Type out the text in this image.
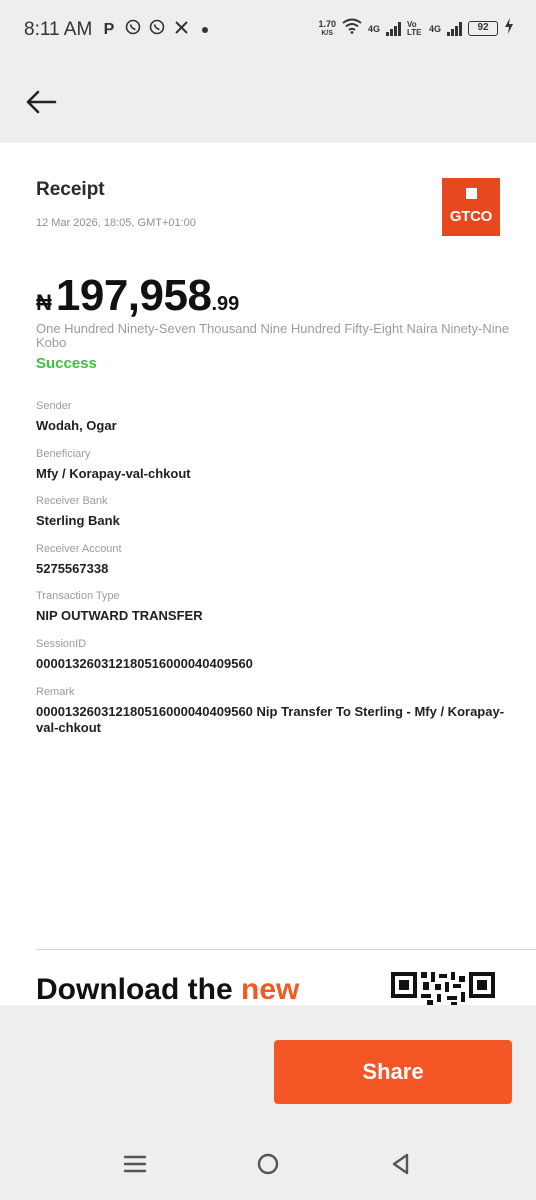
8:11 AM P	1.70
K/S	4G	Vo LTE 4G	92
Receipt
12 Mar 2026, 18:05, GMT+01:00	GTCO
₦ 197,958 .99
One Hundred Ninety-Seven Thousand Nine Hundred Fifty-Eight Naira Ninety-Nine Kobo
Success
Sender
Wodah, Ogar
Beneficiary
Mfy / Korapay-val-chkout
Receiver Bank
Sterling Bank
Receiver Account
5275567338
Transaction Type
NIP OUTWARD TRANSFER
SessionID
000013260312180516000040409560
Remark
000013260312180516000040409560 Nip Transfer To Sterling - Mfy / Korapay-val-chkout
Download the new
Share
